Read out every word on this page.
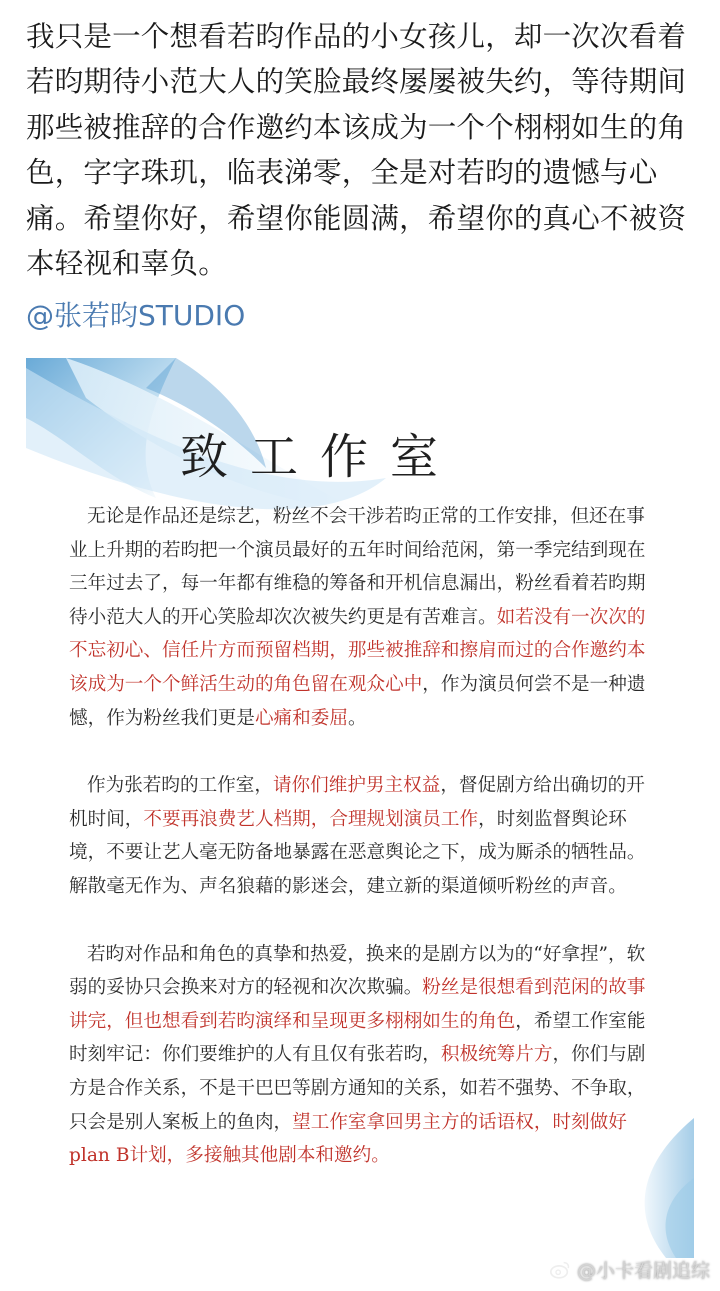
我只是一个想看若昀作品的小女孩儿，却一次次看着若昀期待小范大人的笑脸最终屡屡被失约，等待期间那些被推辞的合作邀约本该成为一个个栩栩如生的角色，字字珠玑，临表涕零，全是对若昀的遗憾与心痛。希望你好，希望你能圆满，希望你的真心不被资本轻视和辜负。

@张若昀STUDIO
致工作室

无论是作品还是综艺，粉丝不会干涉若昀正常的工作安排，但还在事业上升期的若昀把一个演员最好的五年时间给范闲，第一季完结到现在三年过去了，每一年都有维稳的筹备和开机信息漏出，粉丝看着若昀期待小范大人的开心笑脸却次次被失约更是有苦难言。如若没有一次次的不忘初心、信任片方而预留档期，那些被推辞和擦肩而过的合作邀约本该成为一个个鲜活生动的角色留在观众心中，作为演员何尝不是一种遗憾，作为粉丝我们更是心痛和委屈。

作为张若昀的工作室，请你们维护男主权益，督促剧方给出确切的开机时间，不要再浪费艺人档期，合理规划演员工作，时刻监督舆论环境，不要让艺人毫无防备地暴露在恶意舆论之下，成为厮杀的牺牲品。解散毫无作为、声名狼藉的影迷会，建立新的渠道倾听粉丝的声音。

若昀对作品和角色的真挚和热爱，换来的是剧方以为的“好拿捏”，软弱的妥协只会换来对方的轻视和次次欺骗。粉丝是很想看到范闲的故事讲完，但也想看到若昀演绎和呈现更多栩栩如生的角色，希望工作室能时刻牢记：你们要维护的人有且仅有张若昀，积极统筹片方，你们与剧方是合作关系，不是干巴巴等剧方通知的关系，如若不强势、不争取，只会是别人案板上的鱼肉，望工作室拿回男主方的话语权，时刻做好plan B计划，多接触其他剧本和邀约。

@小卡看剧追综
